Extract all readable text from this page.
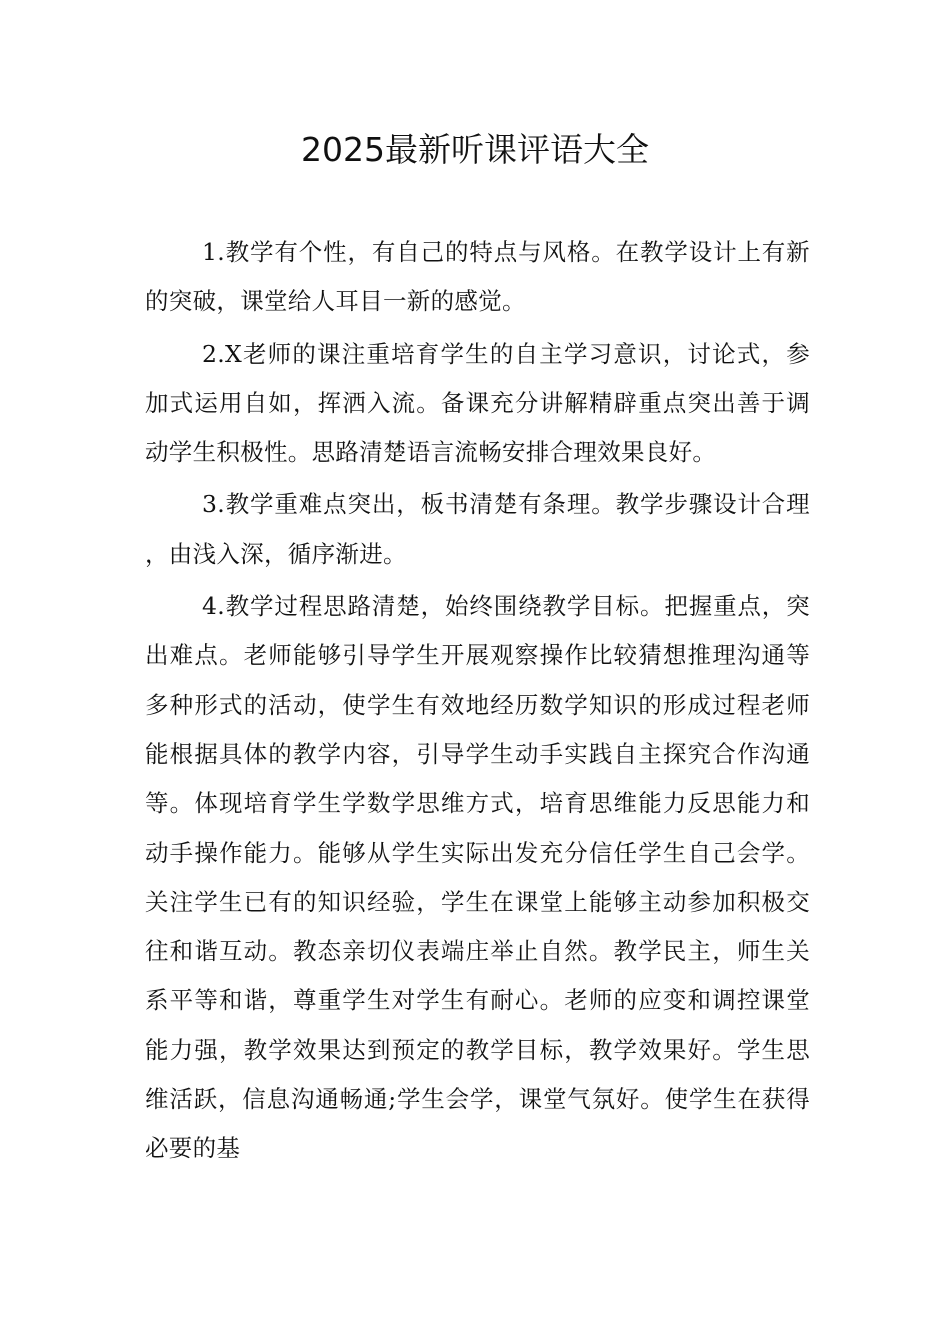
2025最新听课评语大全

1.教学有个性，有自己的特点与风格。在教学设计上有新的突破，课堂给人耳目一新的感觉。

2.X老师的课注重培育学生的自主学习意识，讨论式，参加式运用自如，挥洒入流。备课充分讲解精辟重点突出善于调动学生积极性。思路清楚语言流畅安排合理效果良好。

3.教学重难点突出，板书清楚有条理。教学步骤设计合理，由浅入深，循序渐进。

4.教学过程思路清楚，始终围绕教学目标。把握重点，突出难点。老师能够引导学生开展观察操作比较猜想推理沟通等多种形式的活动，使学生有效地经历数学知识的形成过程老师能根据具体的教学内容，引导学生动手实践自主探究合作沟通等。体现培育学生学数学思维方式，培育思维能力反思能力和动手操作能力。能够从学生实际出发充分信任学生自己会学。关注学生已有的知识经验，学生在课堂上能够主动参加积极交往和谐互动。教态亲切仪表端庄举止自然。教学民主，师生关系平等和谐，尊重学生对学生有耐心。老师的应变和调控课堂能力强，教学效果达到预定的教学目标，教学效果好。学生思维活跃，信息沟通畅通;学生会学，课堂气氛好。使学生在获得必要的基
